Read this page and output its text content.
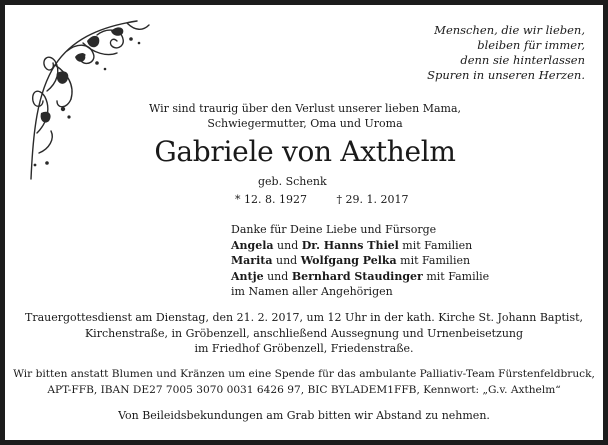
Menschen, die wir lieben,
bleiben für immer,
denn sie hinterlassen
Spuren in unseren Herzen.
Wir sind traurig über den Verlust unserer lieben Mama,
Schwiegermutter, Oma und Uroma
Gabriele von Axthelm
geb. Schenk
* 12. 8. 1927	† 29. 1. 2017
Danke für Deine Liebe und Fürsorge
Angela und Dr. Hanns Thiel mit Familien
Marita und Wolfgang Pelka mit Familien
Antje und Bernhard Staudinger mit Familie
im Namen aller Angehörigen
Trauergottesdienst am Dienstag, den 21. 2. 2017, um 12 Uhr in der kath. Kirche St. Johann Baptist,
Kirchenstraße, in Gröbenzell, anschließend Aussegnung und Urnenbeisetzung
im Friedhof Gröbenzell, Friedenstraße.
Wir bitten anstatt Blumen und Kränzen um eine Spende für das ambulante Palliativ-Team Fürstenfeldbruck,
APT-FFB, IBAN DE27 7005 3070 0031 6426 97, BIC BYLADEM1FFB, Kennwort: „G.v. Axthelm“
Von Beileidsbekundungen am Grab bitten wir Abstand zu nehmen.
